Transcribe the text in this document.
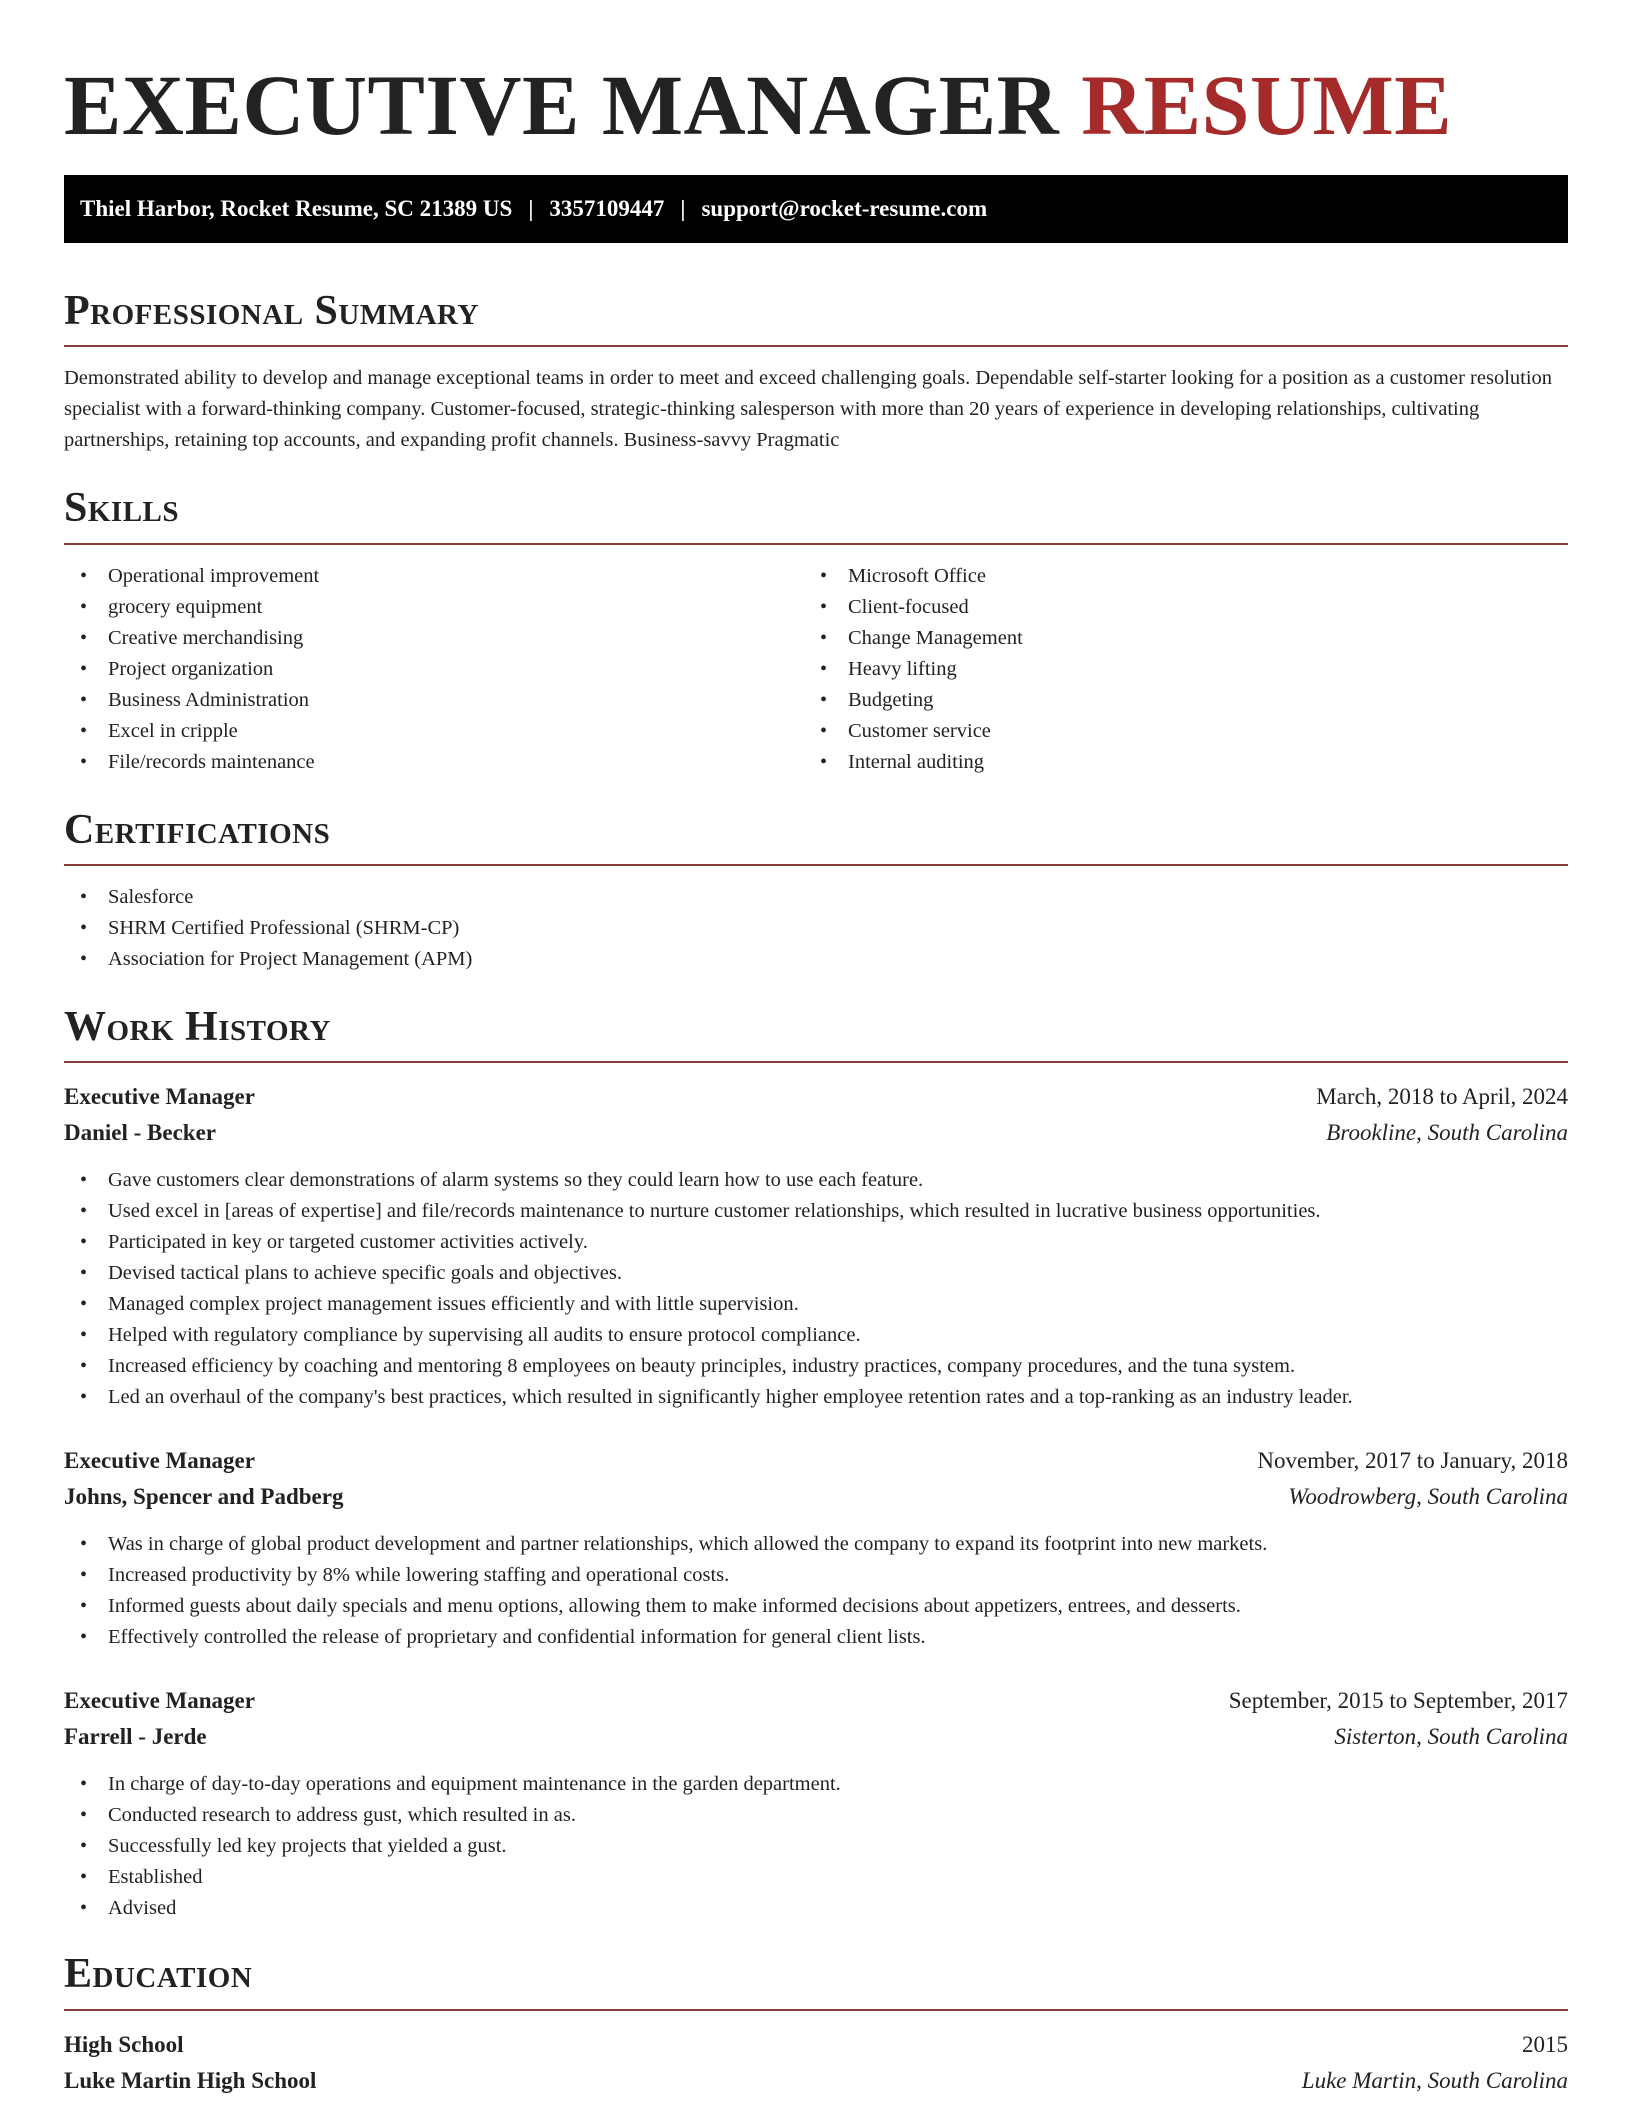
EXECUTIVE MANAGER RESUME
Thiel Harbor, Rocket Resume, SC 21389 US | 3357109447 | support@rocket-resume.com
Professional Summary

Demonstrated ability to develop and manage exceptional teams in order to meet and exceed challenging goals. Dependable self-starter looking for a position as a customer resolution specialist with a forward-thinking company. Customer-focused, strategic-thinking salesperson with more than 20 years of experience in developing relationships, cultivating partnerships, retaining top accounts, and expanding profit channels. Business-savvy Pragmatic

Skills
• Operational improvement
• grocery equipment
• Creative merchandising
• Project organization
• Business Administration
• Excel in cripple
• File/records maintenance
• Microsoft Office
• Client-focused
• Change Management
• Heavy lifting
• Budgeting
• Customer service
• Internal auditing
Certifications
• Salesforce
• SHRM Certified Professional (SHRM-CP)
• Association for Project Management (APM)
Work History
Executive Manager	March, 2018 to April, 2024
Daniel - Becker	Brookline, South Carolina
• Gave customers clear demonstrations of alarm systems so they could learn how to use each feature.
• Used excel in [areas of expertise] and file/records maintenance to nurture customer relationships, which resulted in lucrative business opportunities.
• Participated in key or targeted customer activities actively.
• Devised tactical plans to achieve specific goals and objectives.
• Managed complex project management issues efficiently and with little supervision.
• Helped with regulatory compliance by supervising all audits to ensure protocol compliance.
• Increased efficiency by coaching and mentoring 8 employees on beauty principles, industry practices, company procedures, and the tuna system.
• Led an overhaul of the company's best practices, which resulted in significantly higher employee retention rates and a top-ranking as an industry leader.
Executive Manager	November, 2017 to January, 2018
Johns, Spencer and Padberg	Woodrowberg, South Carolina
• Was in charge of global product development and partner relationships, which allowed the company to expand its footprint into new markets.
• Increased productivity by 8% while lowering staffing and operational costs.
• Informed guests about daily specials and menu options, allowing them to make informed decisions about appetizers, entrees, and desserts.
• Effectively controlled the release of proprietary and confidential information for general client lists.
Executive Manager	September, 2015 to September, 2017
Farrell - Jerde	Sisterton, South Carolina
• In charge of day-to-day operations and equipment maintenance in the garden department.
• Conducted research to address gust, which resulted in as.
• Successfully led key projects that yielded a gust.
• Established
• Advised
Education
High School	2015
Luke Martin High School	Luke Martin, South Carolina
